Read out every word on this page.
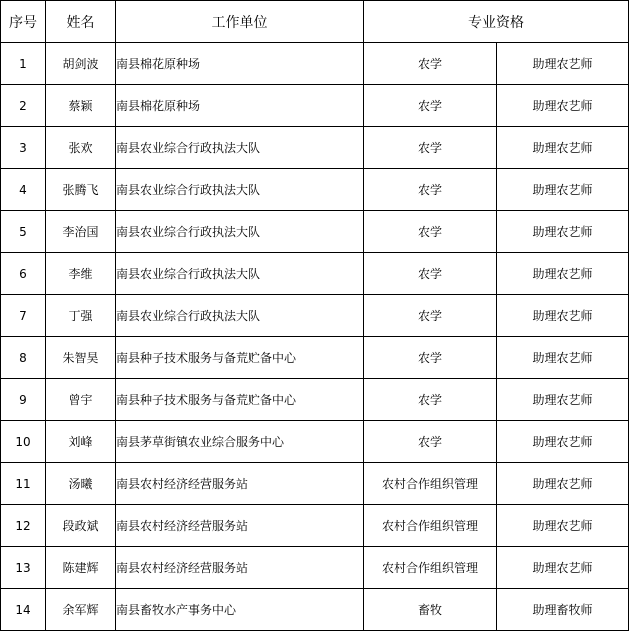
序号	姓名	工作单位	专业资格	
1	胡剑波	南县棉花原种场	农学	助理农艺师
2	蔡颖	南县棉花原种场	农学	助理农艺师
3	张欢	南县农业综合行政执法大队	农学	助理农艺师
4	张腾飞	南县农业综合行政执法大队	农学	助理农艺师
5	李治国	南县农业综合行政执法大队	农学	助理农艺师
6	李维	南县农业综合行政执法大队	农学	助理农艺师
7	丁强	南县农业综合行政执法大队	农学	助理农艺师
8	朱智昊	南县种子技术服务与备荒贮备中心	农学	助理农艺师
9	曾宇	南县种子技术服务与备荒贮备中心	农学	助理农艺师
10	刘峰	南县茅草街镇农业综合服务中心	农学	助理农艺师
11	汤曦	南县农村经济经营服务站	农村合作组织管理	助理农艺师
12	段政斌	南县农村经济经营服务站	农村合作组织管理	助理农艺师
13	陈建辉	南县农村经济经营服务站	农村合作组织管理	助理农艺师
14	余军辉	南县畜牧水产事务中心	畜牧	助理畜牧师
